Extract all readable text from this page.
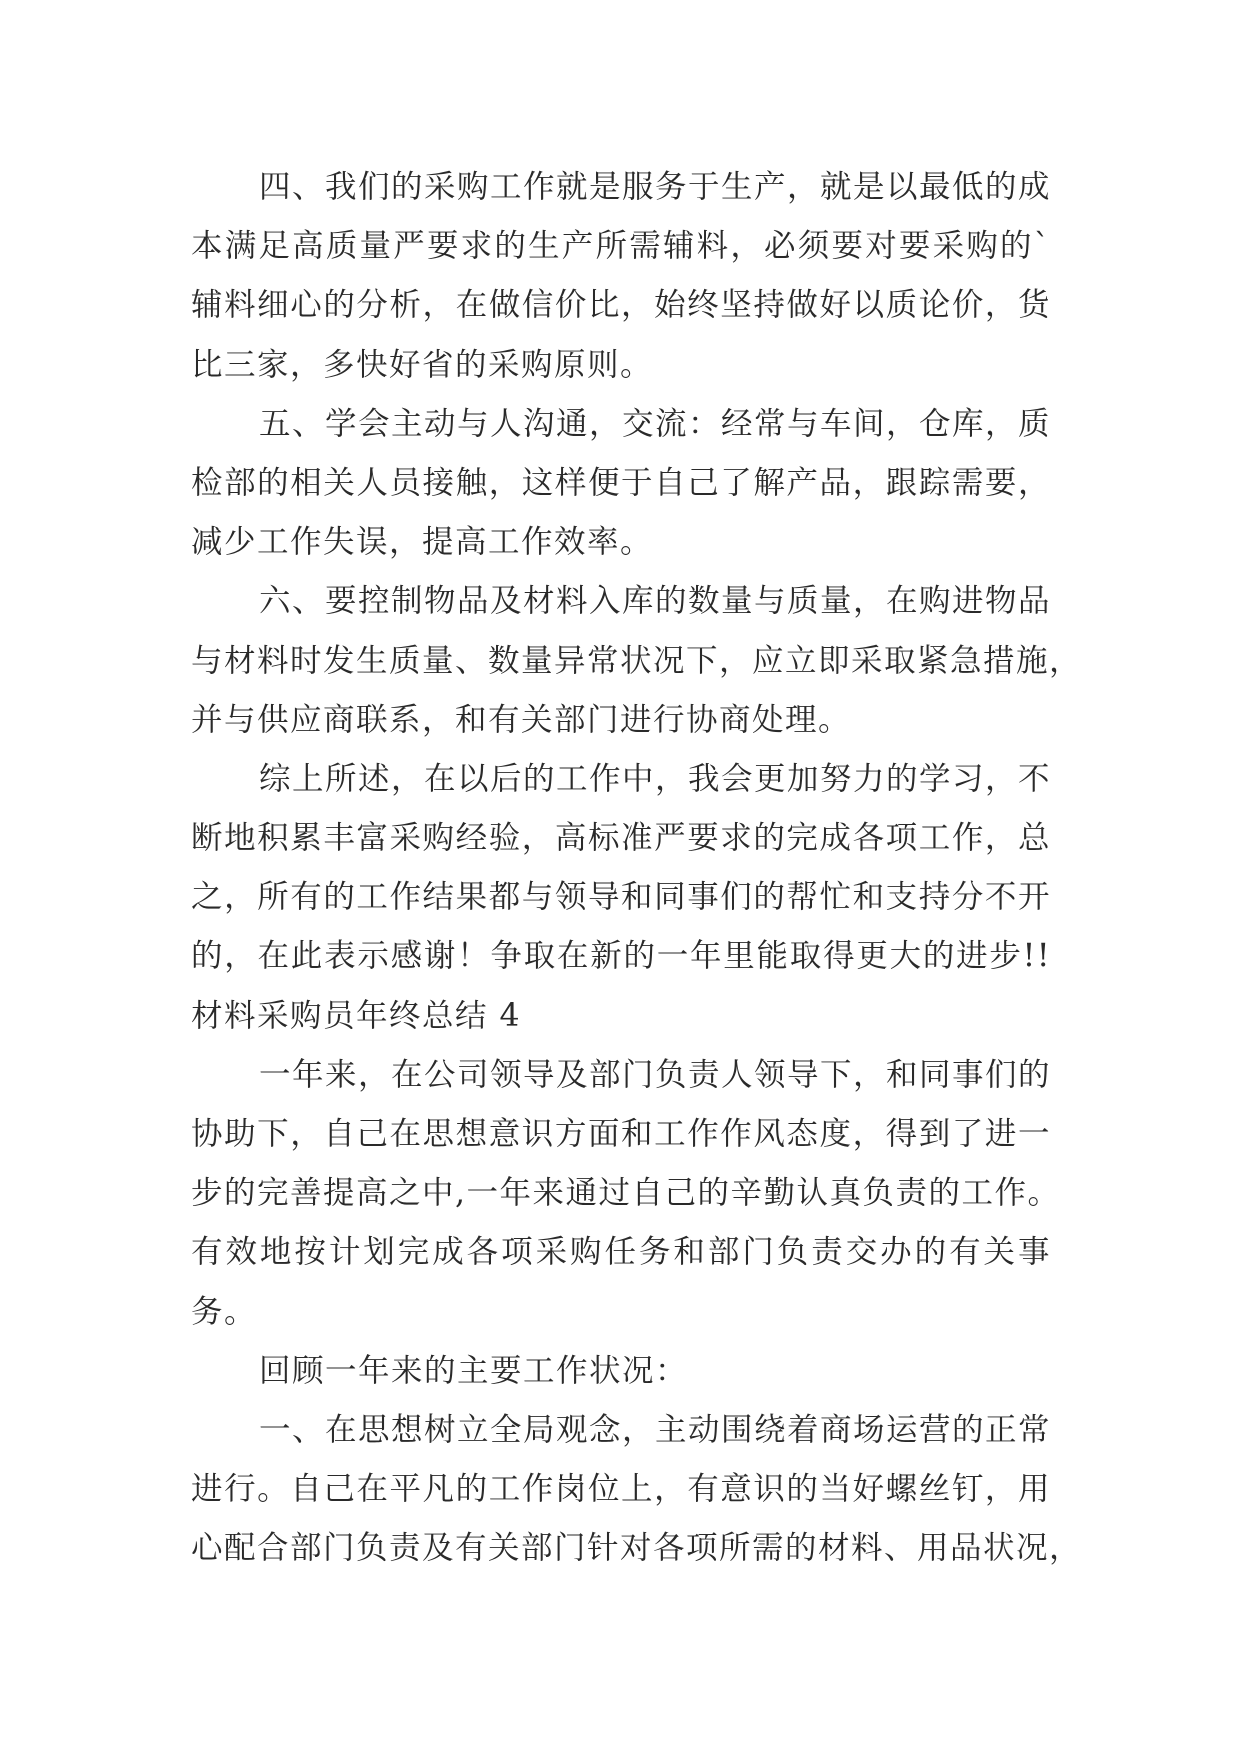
四、我们的采购工作就是服务于生产，就是以最低的成
本满足高质量严要求的生产所需辅料，必须要对要采购的`
辅料细心的分析，在做信价比，始终坚持做好以质论价，货
比三家，多快好省的采购原则。
五、学会主动与人沟通，交流：经常与车间，仓库，质
检部的相关人员接触，这样便于自己了解产品，跟踪需要，
减少工作失误，提高工作效率。
六、要控制物品及材料入库的数量与质量，在购进物品
与材料时发生质量、数量异常状况下，应立即采取紧急措施，
并与供应商联系，和有关部门进行协商处理。
综上所述，在以后的工作中，我会更加努力的学习，不
断地积累丰富采购经验，高标准严要求的完成各项工作，总
之，所有的工作结果都与领导和同事们的帮忙和支持分不开
的，在此表示感谢！争取在新的一年里能取得更大的进步!!
材料采购员年终总结 4
一年来，在公司领导及部门负责人领导下，和同事们的
协助下，自己在思想意识方面和工作作风态度，得到了进一
步的完善提高之中,一年来通过自己的辛勤认真负责的工作。
有效地按计划完成各项采购任务和部门负责交办的有关事
务。
回顾一年来的主要工作状况：
一、在思想树立全局观念，主动围绕着商场运营的正常
进行。自己在平凡的工作岗位上，有意识的当好螺丝钉，用
心配合部门负责及有关部门针对各项所需的材料、用品状况，
